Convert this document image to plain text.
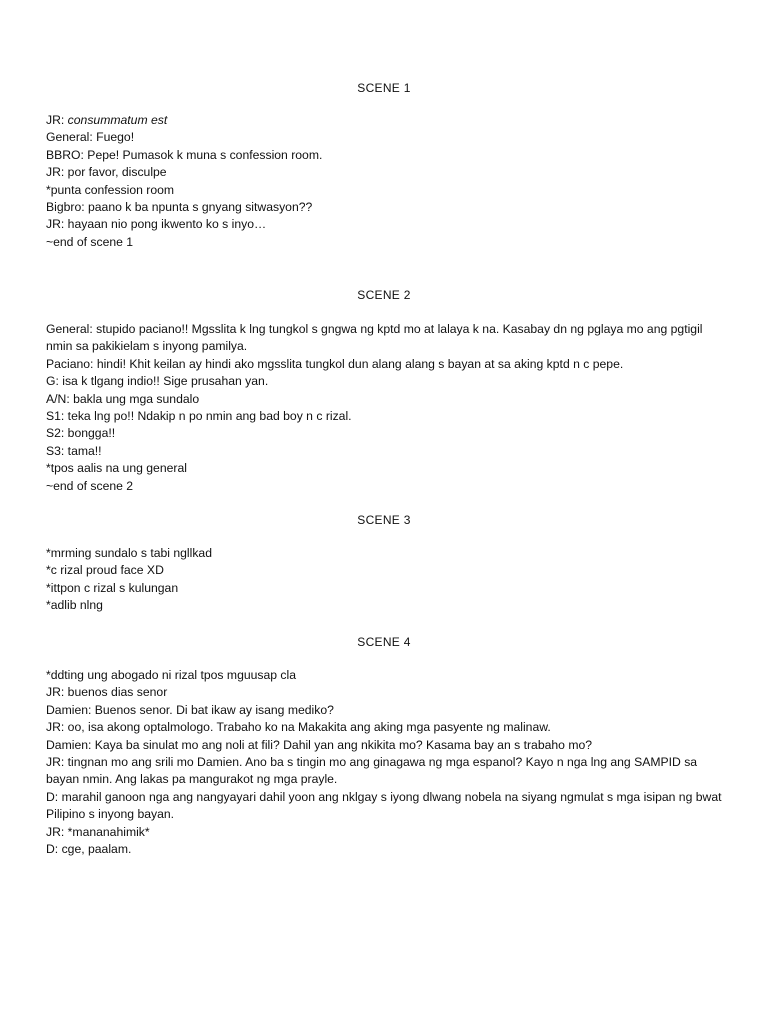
SCENE 1
JR: consummatum est
General: Fuego!
BBRO: Pepe! Pumasok k muna s confession room.
JR: por favor, disculpe
*punta confession room
Bigbro: paano k ba npunta s gnyang sitwasyon??
JR: hayaan nio pong ikwento ko s inyo…
~end of scene 1
SCENE 2
General: stupido paciano!! Mgsslita k lng tungkol s gngwa ng kptd mo at lalaya k na. Kasabay dn ng pglaya mo ang pgtigil nmin sa pakikielam s inyong pamilya.
Paciano: hindi! Khit keilan ay hindi ako mgsslita tungkol dun alang alang s bayan at sa aking kptd n c pepe.
G: isa k tlgang indio!! Sige prusahan yan.
A/N: bakla ung mga sundalo
S1: teka lng po!! Ndakip n po nmin ang bad boy n c rizal.
S2: bongga!!
S3: tama!!
*tpos aalis na ung general
~end of scene 2
SCENE 3
*mrming sundalo s tabi ngllkad
*c rizal proud face XD
*ittpon c rizal s kulungan
*adlib nlng
SCENE 4
*ddting ung abogado ni rizal tpos mguusap cla
JR: buenos dias senor
Damien: Buenos senor. Di bat ikaw ay isang mediko?
JR: oo, isa akong optalmologo. Trabaho ko na Makakita ang aking mga pasyente ng malinaw.
Damien: Kaya ba sinulat mo ang noli at fili? Dahil yan ang nkikita mo? Kasama bay an s trabaho mo?
JR: tingnan mo ang srili mo Damien. Ano ba s tingin mo ang ginagawa ng mga espanol? Kayo n nga lng ang SAMPID sa bayan nmin. Ang lakas pa mangurakot ng mga prayle.
D: marahil ganoon nga ang nangyayari dahil yoon ang nklgay s iyong dlwang nobela na siyang ngmulat s mga isipan ng bwat Pilipino s inyong bayan.
JR: *mananahimik*
D: cge, paalam.
